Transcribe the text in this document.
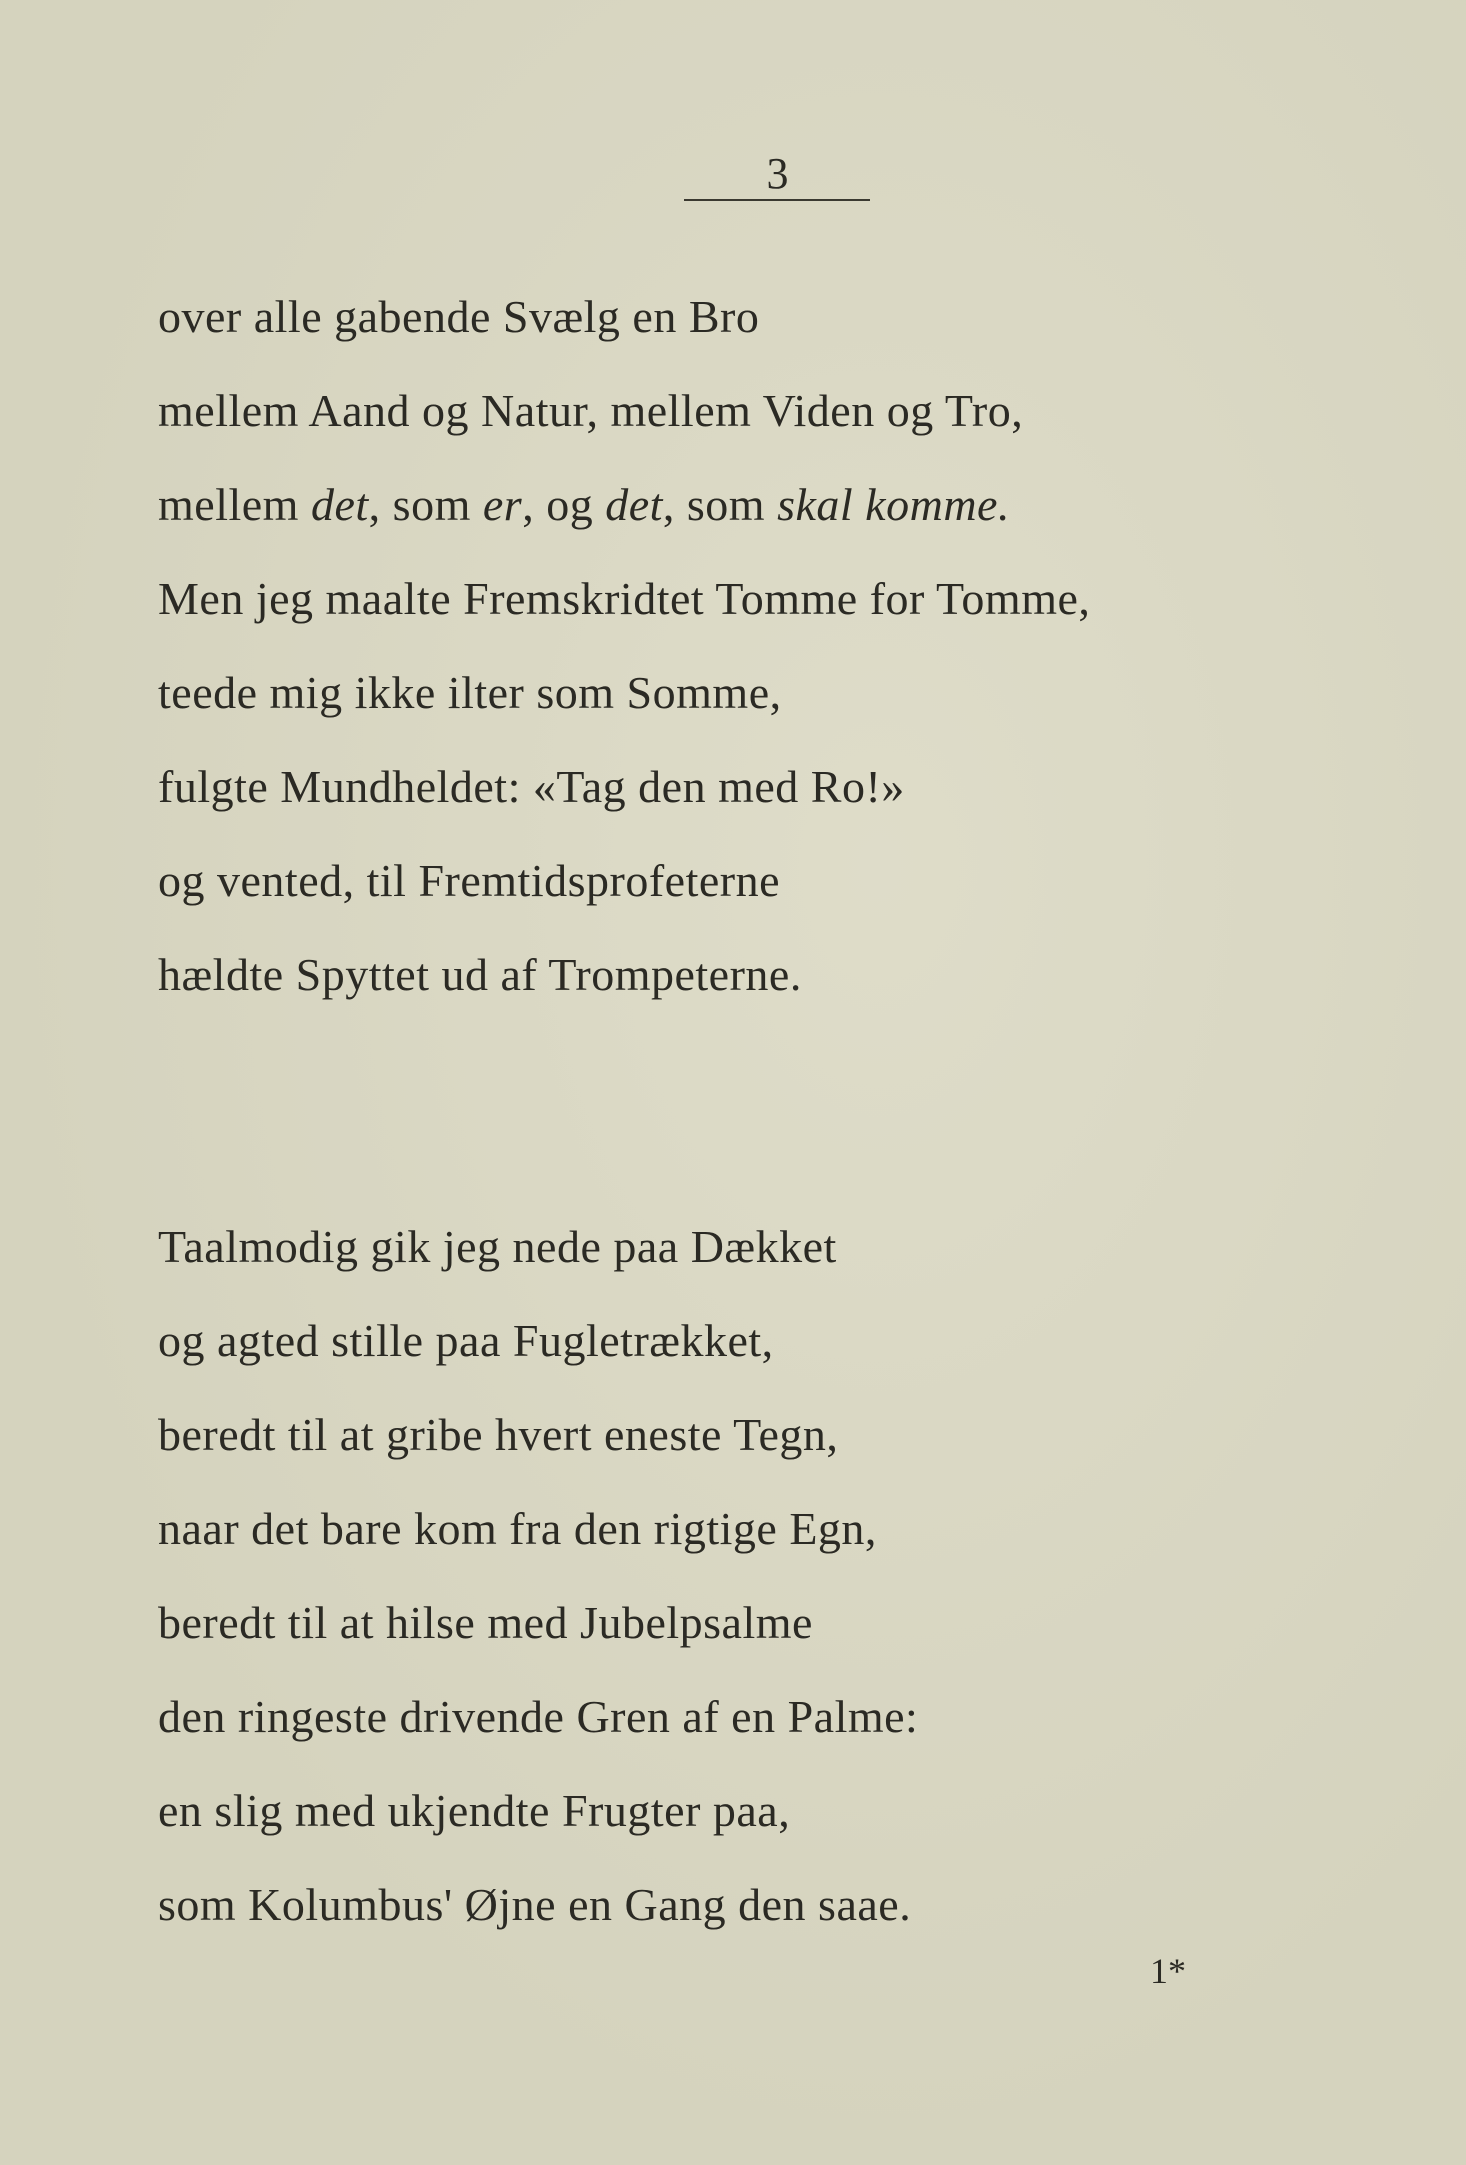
3
over alle gabende Svælg en Bro
mellem Aand og Natur, mellem Viden og Tro,
mellem det, som er, og det, som skal komme.
Men jeg maalte Fremskridtet Tomme for Tomme,
teede mig ikke ilter som Somme,
fulgte Mundheldet: «Tag den med Ro!»
og vented, til Fremtidsprofeterne
hældte Spyttet ud af Trompeterne.
Taalmodig gik jeg nede paa Dækket
og agted stille paa Fugletrækket,
beredt til at gribe hvert eneste Tegn,
naar det bare kom fra den rigtige Egn,
beredt til at hilse med Jubelpsalme
den ringeste drivende Gren af en Palme:
en slig med ukjendte Frugter paa,
som Kolumbus' Øjne en Gang den saae.
1*
